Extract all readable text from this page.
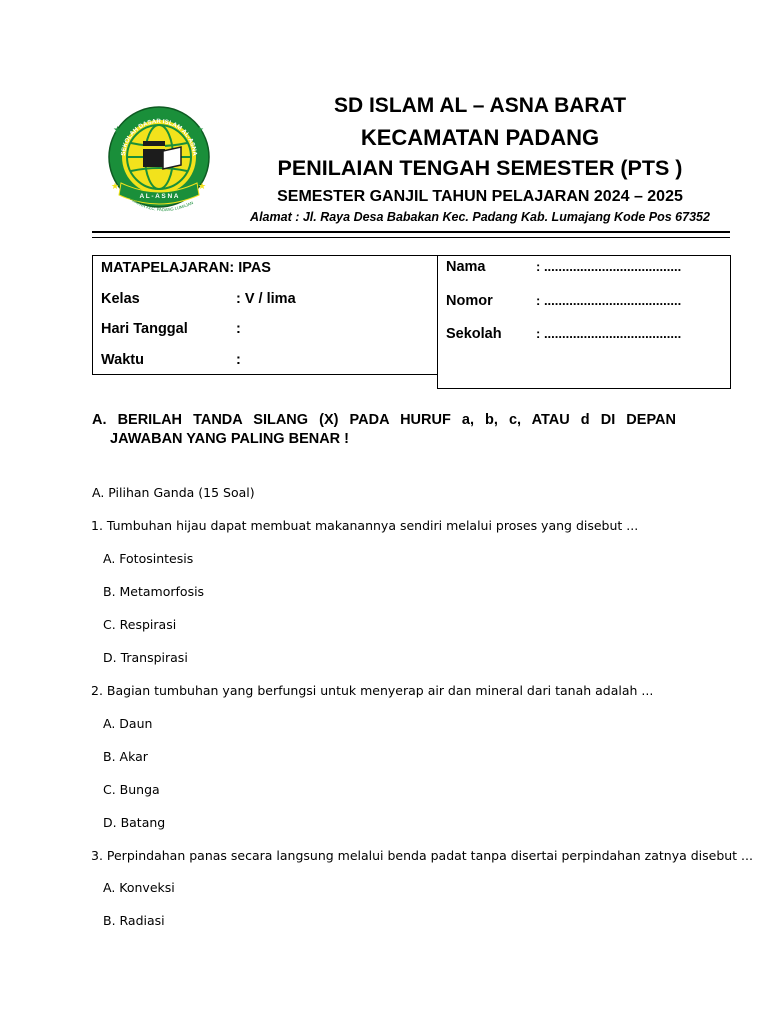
★	★
★	★
SEKOLAH DASAR ISLAM AL-ASNA
A L - A S N A
ABAKAN KEC. PADANG LUMAJAN
SD ISLAM AL – ASNA BARAT
KECAMATAN PADANG
PENILAIAN TENGAH SEMESTER (PTS )
SEMESTER GANJIL TAHUN PELAJARAN 2024 – 2025
Alamat : Jl. Raya Desa Babakan Kec. Padang Kab. Lumajang Kode Pos 67352
MATAPELAJARAN: IPAS
Kelas	: V / lima
Hari Tanggal	:
Waktu	:
Nama	: ......................................
Nomor	: ......................................
Sekolah	: ......................................
A. BERILAH TANDA SILANG (X) PADA HURUF a, b, c, ATAU d DI DEPAN
JAWABAN YANG PALING BENAR !
A. Pilihan Ganda (15 Soal)
1. Tumbuhan hijau dapat membuat makanannya sendiri melalui proses yang disebut ...
A. Fotosintesis
B. Metamorfosis
C. Respirasi
D. Transpirasi
2. Bagian tumbuhan yang berfungsi untuk menyerap air dan mineral dari tanah adalah ...
A. Daun
B. Akar
C. Bunga
D. Batang
3. Perpindahan panas secara langsung melalui benda padat tanpa disertai perpindahan zatnya disebut ...
A. Konveksi
B. Radiasi
